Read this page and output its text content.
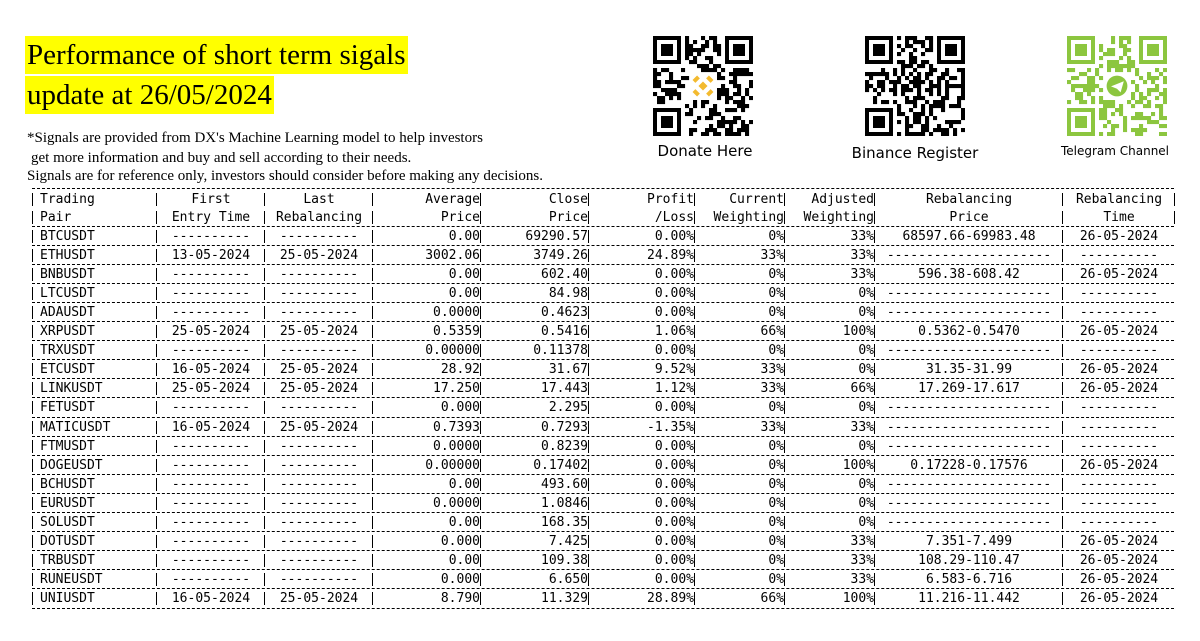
Performance of short term sigals
update at 26/05/2024
*Signals are provided from DX's Machine Learning model to help investors
get more information and buy and sell according to their needs.
Signals are for reference only, investors should consider before making any decisions.
Donate Here	Binance Register	Telegram Channel
Trading	First	Last	Average	Close	Profit	Current	Adjusted	Rebalancing	Rebalancing
Pair	Entry Time	Rebalancing	Price	Price	/Loss	Weighting	Weighting	Price	Time
BTCUSDT	----------	----------	0.00	69290.57	0.00%	0%	33%	68597.66-69983.48	26-05-2024
ETHUSDT	13-05-2024	25-05-2024	3002.06	3749.26	24.89%	33%	33% ---------------------	----------
BNBUSDT	----------	----------	0.00	602.40	0.00%	0%	33%	596.38-608.42	26-05-2024
LTCUSDT	----------	----------	0.00	84.98	0.00%	0%	0% ---------------------	----------
ADAUSDT	----------	----------	0.0000	0.4623	0.00%	0%	0% ---------------------	----------
XRPUSDT	25-05-2024	25-05-2024	0.5359	0.5416	1.06%	66%	100%	0.5362-0.5470	26-05-2024
TRXUSDT	----------	----------	0.00000	0.11378	0.00%	0%	0% ---------------------	----------
ETCUSDT	16-05-2024	25-05-2024	28.92	31.67	9.52%	33%	0%	31.35-31.99	26-05-2024
LINKUSDT	25-05-2024	25-05-2024	17.250	17.443	1.12%	33%	66%	17.269-17.617	26-05-2024
FETUSDT	----------	----------	0.000	2.295	0.00%	0%	0% ---------------------	----------
MATICUSDT	16-05-2024	25-05-2024	0.7393	0.7293	-1.35%	33%	33% ---------------------	----------
FTMUSDT	----------	----------	0.0000	0.8239	0.00%	0%	0% ---------------------	----------
DOGEUSDT	----------	----------	0.00000	0.17402	0.00%	0%	100%	0.17228-0.17576	26-05-2024
BCHUSDT	----------	----------	0.00	493.60	0.00%	0%	0% ---------------------	----------
EURUSDT	----------	----------	0.0000	1.0846	0.00%	0%	0% ---------------------	----------
SOLUSDT	----------	----------	0.00	168.35	0.00%	0%	0% ---------------------	----------
DOTUSDT	----------	----------	0.000	7.425	0.00%	0%	33%	7.351-7.499	26-05-2024
TRBUSDT	----------	----------	0.00	109.38	0.00%	0%	33%	108.29-110.47	26-05-2024
RUNEUSDT	----------	----------	0.000	6.650	0.00%	0%	33%	6.583-6.716	26-05-2024
UNIUSDT	16-05-2024	25-05-2024	8.790	11.329	28.89%	66%	100%	11.216-11.442	26-05-2024
